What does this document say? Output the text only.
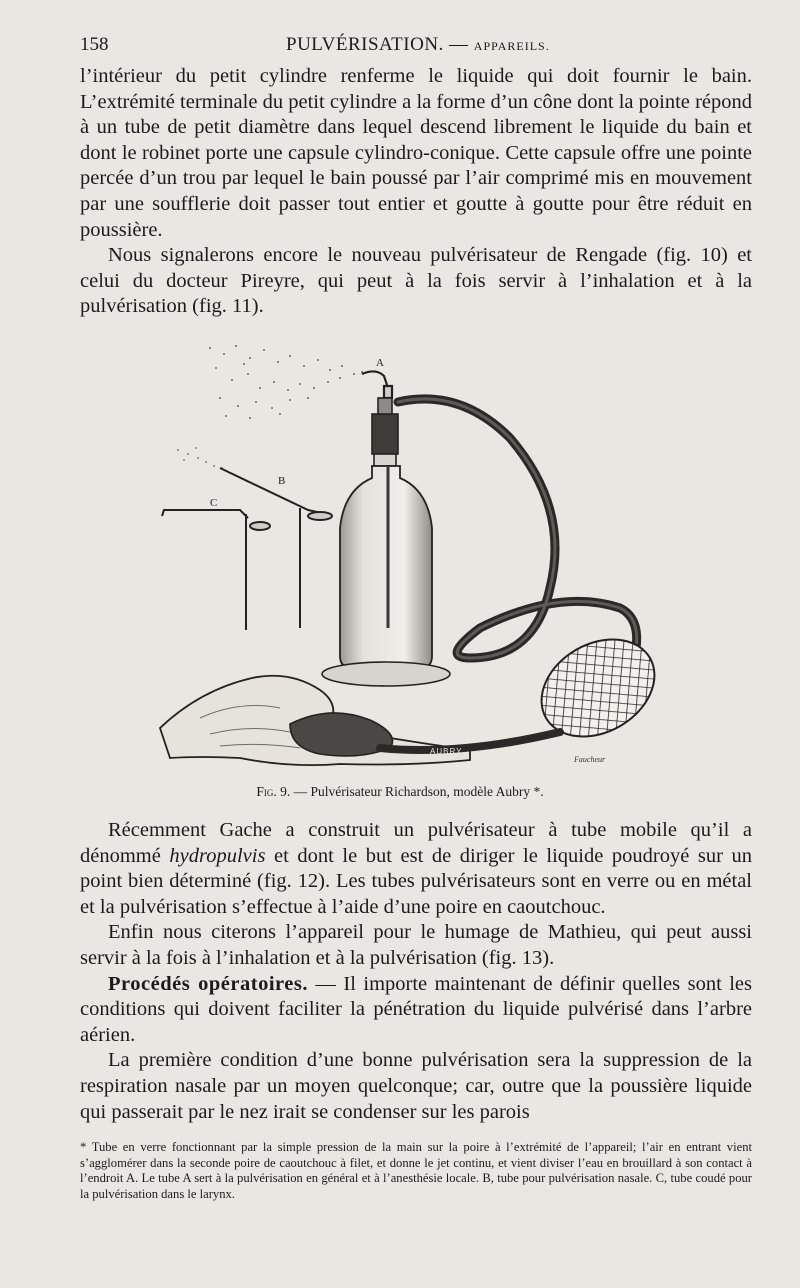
158	PULVÉRISATION. — APPAREILS.

l’intérieur du petit cylindre renferme le liquide qui doit fournir le bain. L’extrémité terminale du petit cylindre a la forme d’un cône dont la pointe répond à un tube de petit diamètre dans lequel descend librement le liquide du bain et dont le robinet porte une capsule cylindro-conique. Cette capsule offre une pointe percée d’un trou par lequel le bain poussé par l’air comprimé mis en mouvement par une soufflerie doit passer tout entier et goutte à goutte pour être réduit en poussière.

Nous signalerons encore le nouveau pulvérisateur de Rengade (fig. 10) et celui du docteur Pireyre, qui peut à la fois servir à l’inhalation et à la pulvérisation (fig. 11).

A
B
C
AUBRY
Faucheur
Fig. 9. — Pulvérisateur Richardson, modèle Aubry *.

Récemment Gache a construit un pulvérisateur à tube mobile qu’il a dénommé hydropulvis et dont le but est de diriger le liquide poudroyé sur un point bien déterminé (fig. 12). Les tubes pulvérisateurs sont en verre ou en métal et la pulvérisation s’effectue à l’aide d’une poire en caoutchouc.

Enfin nous citerons l’appareil pour le humage de Mathieu, qui peut aussi servir à la fois à l’inhalation et à la pulvérisation (fig. 13).

Procédés opératoires. — Il importe maintenant de définir quelles sont les conditions qui doivent faciliter la pénétration du liquide pulvérisé dans l’arbre aérien.

La première condition d’une bonne pulvérisation sera la suppression de la respiration nasale par un moyen quelconque; car, outre que la poussière liquide qui passerait par le nez irait se condenser sur les parois

* Tube en verre fonctionnant par la simple pression de la main sur la poire à l’extrémité de l’appareil; l’air en entrant vient s’agglomérer dans la seconde poire de caoutchouc à filet, et donne le jet continu, et vient diviser l’eau en brouillard à son contact à l’endroit A. Le tube A sert à la pulvérisation en général et à l’anesthésie locale. B, tube pour pulvérisation nasale. C, tube coudé pour la pulvérisation dans le larynx.
